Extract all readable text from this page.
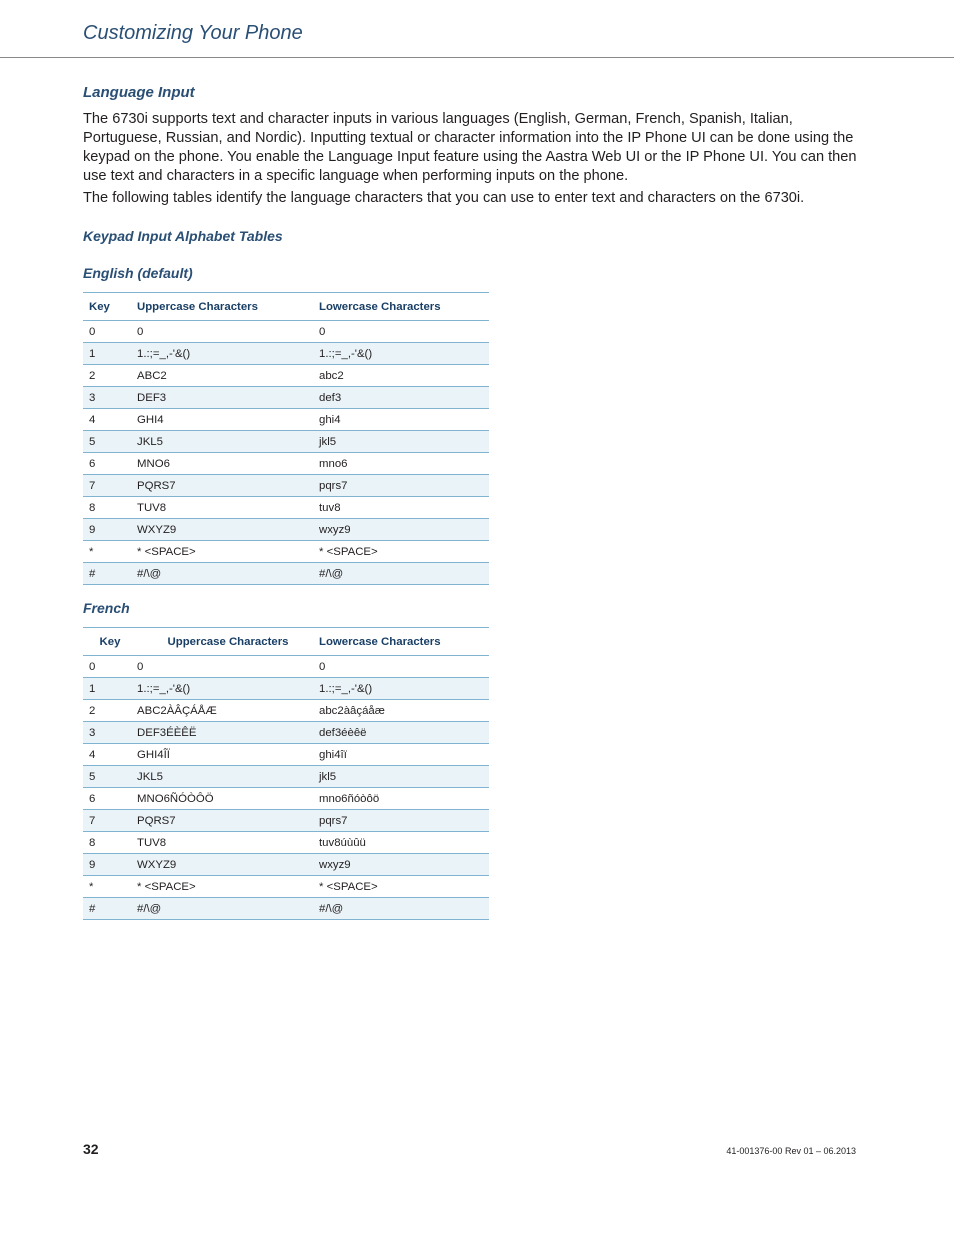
Customizing Your Phone
Language Input
The 6730i supports text and character inputs in various languages (English, German, French, Spanish, Italian, Portuguese, Russian, and Nordic). Inputting textual or character information into the IP Phone UI can be done using the keypad on the phone. You enable the Language Input feature using the Aastra Web UI or the IP Phone UI. You can then use text and characters in a specific language when performing inputs on the phone.
The following tables identify the language characters that you can use to enter text and characters on the 6730i.
Keypad Input Alphabet Tables
English (default)
Key	Uppercase Characters	Lowercase Characters
0	0	0
1	1.:;=_,-'&()	1.:;=_,-'&()
2	ABC2	abc2
3	DEF3	def3
4	GHI4	ghi4
5	JKL5	jkl5
6	MNO6	mno6
7	PQRS7	pqrs7
8	TUV8	tuv8
9	WXYZ9	wxyz9
*	* <SPACE>	* <SPACE>
#	#/\@	#/\@
French
Key	Uppercase Characters	Lowercase Characters
0	0	0
1	1.:;=_,-'&()	1.:;=_,-'&()
2	ABC2ÀÂÇÁÅÆ	abc2àâçáåæ
3	DEF3ÉÈÊË	def3éèêë
4	GHI4ÎÏ	ghi4îï
5	JKL5	jkl5
6	MNO6ÑÓÒÔÖ	mno6ñóòôö
7	PQRS7	pqrs7
8	TUV8	tuv8úùûü
9	WXYZ9	wxyz9
*	* <SPACE>	* <SPACE>
#	#/\@	#/\@
32	41-001376-00 Rev 01 – 06.2013
